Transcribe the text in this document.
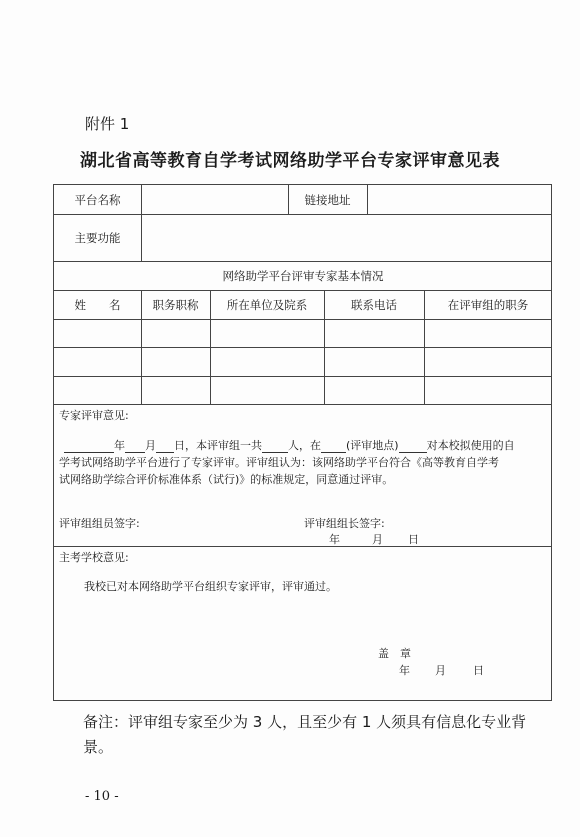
附件 1
湖北省高等教育自学考试网络助学平台专家评审意见表
平台名称	链接地址
主要功能
网络助学平台评审专家基本情况
姓　　名	职务职称	所在单位及院系	联系电话	在评审组的职务
专家评审意见:
年 月 日，本评审组一共 人，在 (评审地点)	对本校拟使用的自
学考试网络助学平台进行了专家评审。评审组认为：该网络助学平台符合《高等教育自学考
试网络助学综合评价标准体系（试行)》的标准规定，同意通过评审。
评审组组员签字:	评审组组长签字:
年	月 日
主考学校意见:
我校已对本网络助学平台组织专家评审，评审通过。
盖　章
年 月 日
备注：评审组专家至少为 3 人，且至少有 1 人须具有信息化专业背景。
- 10 -
